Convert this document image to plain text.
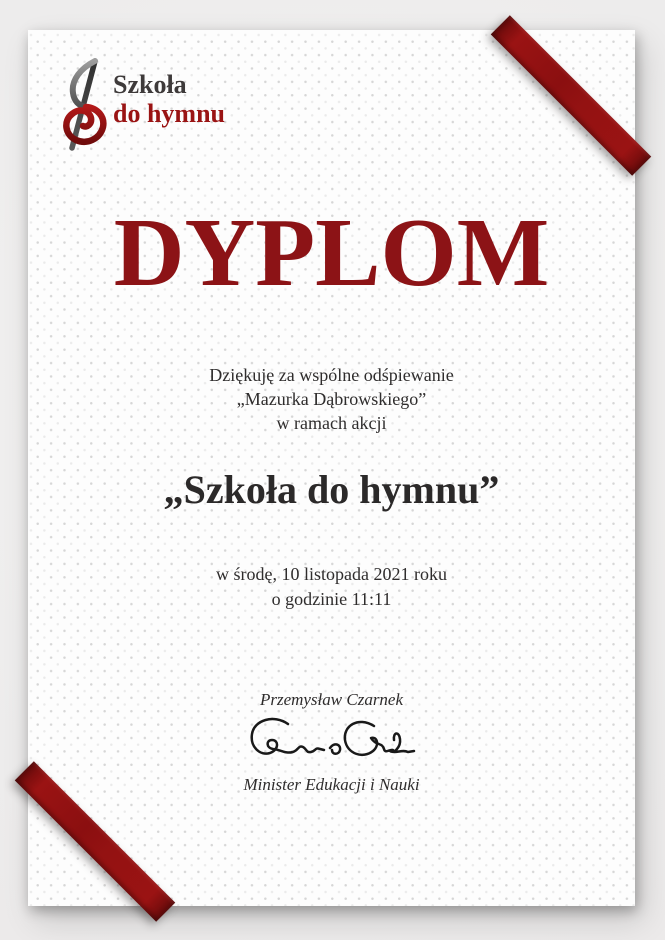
Szkoła
do hymnu
DYPLOM

Dziękuję za wspólne odśpiewanie
„Mazurka Dąbrowskiego”
w ramach akcji

„Szkoła do hymnu”

w środę, 10 listopada 2021 roku
o godzinie 11:11

Przemysław Czarnek
Minister Edukacji i Nauki
